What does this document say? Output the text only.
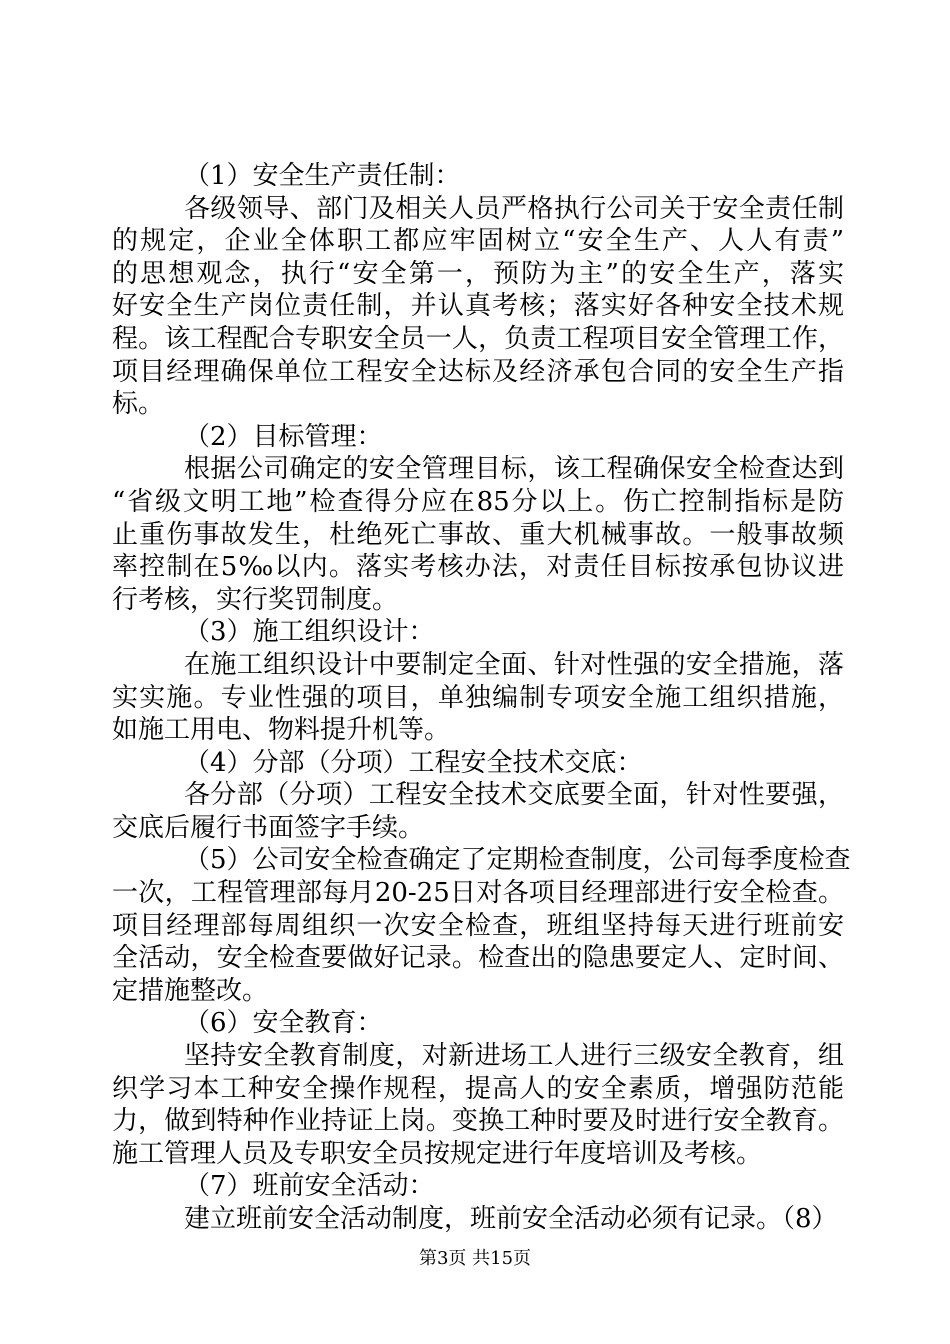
（1）安全生产责任制：
各级领导、部门及相关人员严格执行公司关于安全责任制
的规定，企业全体职工都应牢固树立“安全生产、人人有责”
的思想观念，执行“安全第一，预防为主”的安全生产，落实
好安全生产岗位责任制，并认真考核；落实好各种安全技术规
程。该工程配合专职安全员一人，负责工程项目安全管理工作，
项目经理确保单位工程安全达标及经济承包合同的安全生产指
标。
（2）目标管理：
根据公司确定的安全管理目标，该工程确保安全检查达到
“省级文明工地”检查得分应在85分以上。伤亡控制指标是防
止重伤事故发生，杜绝死亡事故、重大机械事故。一般事故频
率控制在5‰以内。落实考核办法，对责任目标按承包协议进
行考核，实行奖罚制度。
（3）施工组织设计：
在施工组织设计中要制定全面、针对性强的安全措施，落
实实施。专业性强的项目，单独编制专项安全施工组织措施，
如施工用电、物料提升机等。
（4）分部（分项）工程安全技术交底：
各分部（分项）工程安全技术交底要全面，针对性要强，
交底后履行书面签字手续。
（5）公司安全检查确定了定期检查制度，公司每季度检查
一次，工程管理部每月20-25日对各项目经理部进行安全检查。
项目经理部每周组织一次安全检查，班组坚持每天进行班前安
全活动，安全检查要做好记录。检查出的隐患要定人、定时间、
定措施整改。
（6）安全教育：
坚持安全教育制度，对新进场工人进行三级安全教育，组
织学习本工种安全操作规程，提高人的安全素质，增强防范能
力，做到特种作业持证上岗。变换工种时要及时进行安全教育。
施工管理人员及专职安全员按规定进行年度培训及考核。
（7）班前安全活动：
建立班前安全活动制度，班前安全活动必须有记录。（8）
第3页 共15页
